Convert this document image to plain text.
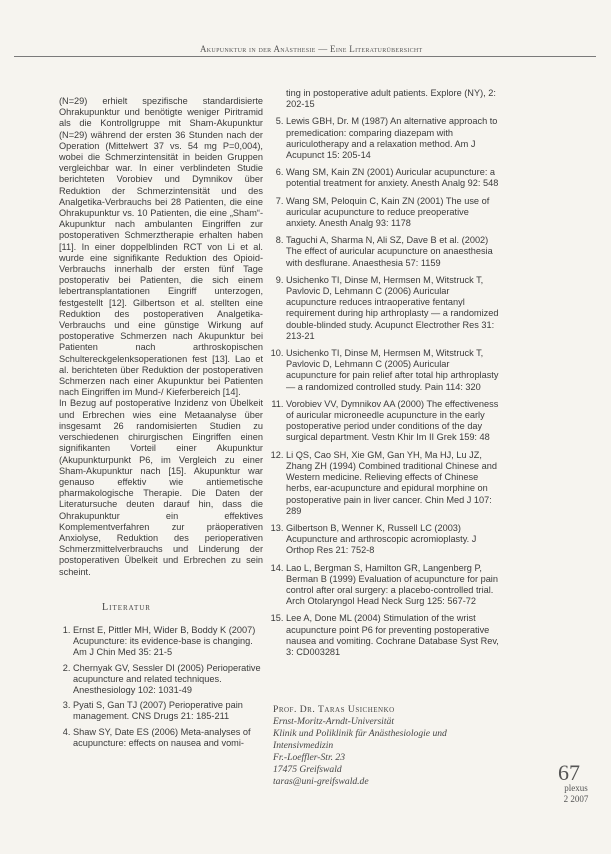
Akupunktur in der Anästhesie — Eine Literaturübersicht

(N=29) erhielt spezifische standardisierte Ohrakupunktur und benötigte weniger Piritramid als die Kontrollgruppe mit Sham-Akupunktur (N=29) während der ersten 36 Stunden nach der Operation (Mittelwert 37 vs. 54 mg P=0,004), wobei die Schmerzintensität in beiden Gruppen vergleichbar war. In einer verblindeten Studie berichteten Vorobiev und Dymnikov über Reduktion der Schmerzintensität und des Analgetika-Verbrauchs bei 28 Patienten, die eine Ohrakupunktur vs. 10 Patienten, die eine „Sham“-Akupunktur nach ambulanten Eingriffen zur postoperativen Schmerztherapie erhalten haben [11]. In einer doppelblinden RCT von Li et al. wurde eine signifikante Reduktion des Opioid-Verbrauchs innerhalb der ersten fünf Tage postoperativ bei Patienten, die sich einem lebertransplantationen Eingriff unterzogen, festgestellt [12]. Gilbertson et al. stellten eine Reduktion des postoperativen Analgetika-Verbrauchs und eine günstige Wirkung auf postoperative Schmerzen nach Akupunktur bei Patienten nach arthroskopischen Schultereckgelenksoperationen fest [13]. Lao et al. berichteten über Reduktion der postoperativen Schmerzen nach einer Akupunktur bei Patienten nach Eingriffen im Mund-/ Kieferbereich [14].

In Bezug auf postoperative Inzidenz von Übelkeit und Erbrechen wies eine Metaanalyse über insgesamt 26 randomisierten Studien zu verschiedenen chirurgischen Eingriffen einen signifikanten Vorteil einer Akupunktur (Akupunkturpunkt P6, im Vergleich zu einer Sham-Akupunktur nach [15]. Akupunktur war genauso effektiv wie antiemetische pharmakologische Therapie. Die Daten der Literatursuche deuten darauf hin, dass die Ohrakupunktur ein effektives Komplementverfahren zur präoperativen Anxiolyse, Reduktion des perioperativen Schmerzmittelverbrauchs und Linderung der postoperativen Übelkeit und Erbrechen zu sein scheint.

Literatur
1. Ernst E, Pittler MH, Wider B, Boddy K (2007) Acupuncture: its evidence-base is changing. Am J Chin Med 35: 21-5
2. Chernyak GV, Sessler DI (2005) Perioperative acupuncture and related techniques. Anesthesiology 102: 1031-49
3. Pyati S, Gan TJ (2007) Perioperative pain management. CNS Drugs 21: 185-211
4. Shaw SY, Date ES (2006) Meta-analyses of acupuncture: effects on nausea and vomi-
ting in postoperative adult patients. Explore (NY), 2: 202-15
5. Lewis GBH, Dr. M (1987) An alternative approach to premedication: comparing diazepam with auriculotherapy and a relaxation method. Am J Acupunct 15: 205-14
6. Wang SM, Kain ZN (2001) Auricular acupuncture: a potential treatment for anxiety. Anesth Analg 92: 548
7. Wang SM, Peloquin C, Kain ZN (2001) The use of auricular acupuncture to reduce preoperative anxiety. Anesth Analg 93: 1178
8. Taguchi A, Sharma N, Ali SZ, Dave B et al. (2002) The effect of auricular acupuncture on anaesthesia with desflurane. Anaesthesia 57: 1159
9. Usichenko TI, Dinse M, Hermsen M, Witstruck T, Pavlovic D, Lehmann C (2006) Auricular acupuncture reduces intraoperative fentanyl requirement during hip arthroplasty — a randomized double-blinded study. Acupunct Electrother Res 31: 213-21
10. Usichenko TI, Dinse M, Hermsen M, Witstruck T, Pavlovic D, Lehmann C (2005) Auricular acupuncture for pain relief after total hip arthroplasty — a randomized controlled study. Pain 114: 320
11. Vorobiev VV, Dymnikov AA (2000) The effectiveness of auricular microneedle acupuncture in the early postoperative period under conditions of the day surgical department. Vestn Khir Im II Grek 159: 48
12. Li QS, Cao SH, Xie GM, Gan YH, Ma HJ, Lu JZ, Zhang ZH (1994) Combined traditional Chinese and Western medicine. Relieving effects of Chinese herbs, ear-acupuncture and epidural morphine on postoperative pain in liver cancer. Chin Med J 107: 289
13. Gilbertson B, Wenner K, Russell LC (2003) Acupuncture and arthroscopic acromioplasty. J Orthop Res 21: 752-8
14. Lao L, Bergman S, Hamilton GR, Langenberg P, Berman B (1999) Evaluation of acupuncture for pain control after oral surgery: a placebo-controlled trial. Arch Otolaryngol Head Neck Surg 125: 567-72
15. Lee A, Done ML (2004) Stimulation of the wrist acupuncture point P6 for preventing postoperative nausea and vomiting. Cochrane Database Syst Rev, 3: CD003281
Prof. Dr. Taras Usichenko
Ernst-Moritz-Arndt-Universität
Klinik und Poliklinik für Anästhesiologie und
Intensivmedizin
Fr.-Loeffler-Str. 23
17475 Greifswald
taras@uni-greifswald.de	67
plexus
2 2007
